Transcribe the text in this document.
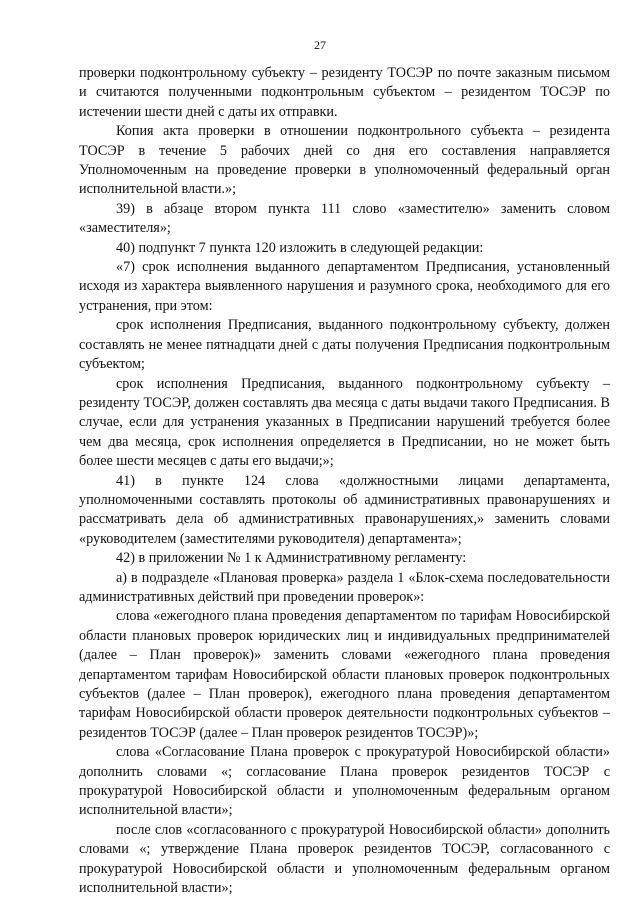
27

проверки подконтрольному субъекту – резиденту ТОСЭР по почте заказным письмом и считаются полученными подконтрольным субъектом – резидентом ТОСЭР по истечении шести дней с даты их отправки.

Копия акта проверки в отношении подконтрольного субъекта – резидента ТОСЭР в течение 5 рабочих дней со дня его составления направляется Уполномоченным на проведение проверки в уполномоченный федеральный орган исполнительной власти.»;

39) в абзаце втором пункта 111 слово «заместителю» заменить словом «заместителя»;

40) подпункт 7 пункта 120 изложить в следующей редакции:

«7) срок исполнения выданного департаментом Предписания, установленный исходя из характера выявленного нарушения и разумного срока, необходимого для его устранения, при этом:

срок исполнения Предписания, выданного подконтрольному субъекту, должен составлять не менее пятнадцати дней с даты получения Предписания подконтрольным субъектом;

срок исполнения Предписания, выданного подконтрольному субъекту – резиденту ТОСЭР, должен составлять два месяца с даты выдачи такого Предписания. В случае, если для устранения указанных в Предписании нарушений требуется более чем два месяца, срок исполнения определяется в Предписании, но не может быть более шести месяцев с даты его выдачи;»;

41) в пункте 124 слова «должностными лицами департамента, уполномоченными составлять протоколы об административных правонарушениях и рассматривать дела об административных правонарушениях,» заменить словами «руководителем (заместителями руководителя) департамента»;

42) в приложении № 1 к Административному регламенту:

а) в подразделе «Плановая проверка» раздела 1 «Блок-схема последовательности административных действий при проведении проверок»:

слова «ежегодного плана проведения департаментом по тарифам Новосибирской области плановых проверок юридических лиц и индивидуальных предпринимателей (далее – План проверок)» заменить словами «ежегодного плана проведения департаментом тарифам Новосибирской области плановых проверок подконтрольных субъектов (далее – План проверок), ежегодного плана проведения департаментом тарифам Новосибирской области проверок деятельности подконтрольных субъектов – резидентов ТОСЭР (далее – План проверок резидентов ТОСЭР)»;

слова «Согласование Плана проверок с прокуратурой Новосибирской области» дополнить словами «; согласование Плана проверок резидентов ТОСЭР с прокуратурой Новосибирской области и уполномоченным федеральным органом исполнительной власти»;

после слов «согласованного с прокуратурой Новосибирской области» дополнить словами «; утверждение Плана проверок резидентов ТОСЭР, согласованного с прокуратурой Новосибирской области и уполномоченным федеральным органом исполнительной власти»;
